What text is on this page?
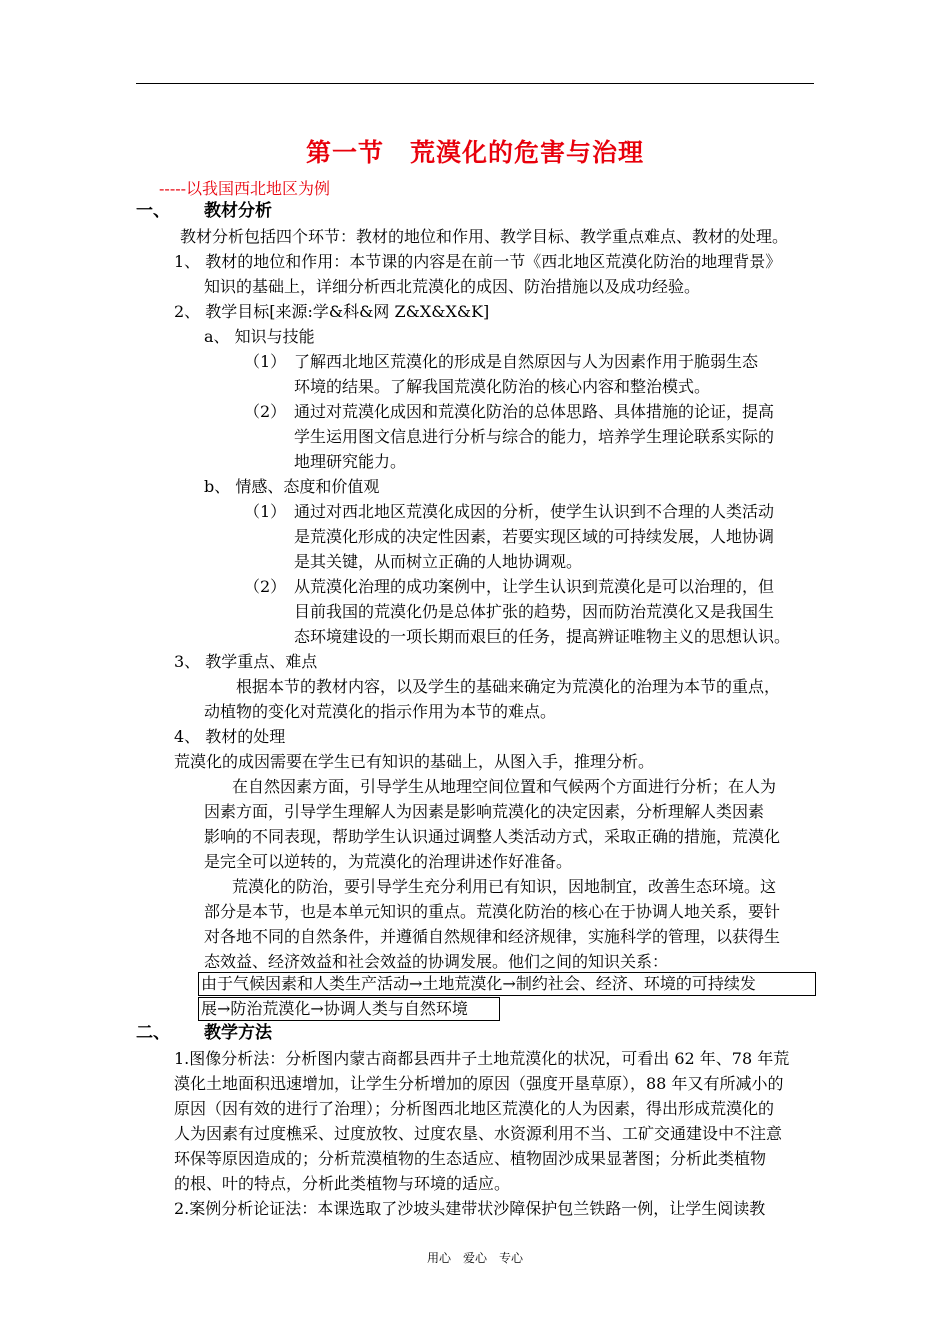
第一节　荒漠化的危害与治理
-----以我国西北地区为例
一、 教材分析
教材分析包括四个环节：教材的地位和作用、教学目标、教学重点难点、教材的处理。
1、 教材的地位和作用：本节课的内容是在前一节《西北地区荒漠化防治的地理背景》
知识的基础上，详细分析西北荒漠化的成因、防治措施以及成功经验。
2、 教学目标[来源:学&科&网 Z&X&X&K]
a、 知识与技能
（1） 了解西北地区荒漠化的形成是自然原因与人为因素作用于脆弱生态
环境的结果。了解我国荒漠化防治的核心内容和整治模式。
（2） 通过对荒漠化成因和荒漠化防治的总体思路、具体措施的论证，提高
学生运用图文信息进行分析与综合的能力，培养学生理论联系实际的
地理研究能力。
b、 情感、态度和价值观
（1） 通过对西北地区荒漠化成因的分析，使学生认识到不合理的人类活动
是荒漠化形成的决定性因素，若要实现区域的可持续发展，人地协调
是其关键，从而树立正确的人地协调观。
（2） 从荒漠化治理的成功案例中，让学生认识到荒漠化是可以治理的，但
目前我国的荒漠化仍是总体扩张的趋势，因而防治荒漠化又是我国生
态环境建设的一项长期而艰巨的任务，提高辨证唯物主义的思想认识。
3、 教学重点、难点
根据本节的教材内容，以及学生的基础来确定为荒漠化的治理为本节的重点，
动植物的变化对荒漠化的指示作用为本节的难点。
4、 教材的处理
荒漠化的成因需要在学生已有知识的基础上，从图入手，推理分析。
在自然因素方面，引导学生从地理空间位置和气候两个方面进行分析；在人为
因素方面，引导学生理解人为因素是影响荒漠化的决定因素，分析理解人类因素
影响的不同表现，帮助学生认识通过调整人类活动方式，采取正确的措施，荒漠化
是完全可以逆转的，为荒漠化的治理讲述作好准备。
荒漠化的防治，要引导学生充分利用已有知识，因地制宜，改善生态环境。这
部分是本节，也是本单元知识的重点。荒漠化防治的核心在于协调人地关系，要针
对各地不同的自然条件，并遵循自然规律和经济规律，实施科学的管理，以获得生
态效益、经济效益和社会效益的协调发展。他们之间的知识关系：
由于气候因素和人类生产活动→土地荒漠化→制约社会、经济、环境的可持续发
展→防治荒漠化→协调人类与自然环境
二、 教学方法
1.图像分析法：分析图内蒙古商都县西井子土地荒漠化的状况，可看出 62 年、78 年荒
漠化土地面积迅速增加，让学生分析增加的原因（强度开垦草原），88 年又有所减小的
原因（因有效的进行了治理）；分析图西北地区荒漠化的人为因素，得出形成荒漠化的
人为因素有过度樵采、过度放牧、过度农垦、水资源利用不当、工矿交通建设中不注意
环保等原因造成的；分析荒漠植物的生态适应、植物固沙成果显著图；分析此类植物
的根、叶的特点，分析此类植物与环境的适应。
2.案例分析论证法：本课选取了沙坡头建带状沙障保护包兰铁路一例，让学生阅读教
用心　爱心　专心
